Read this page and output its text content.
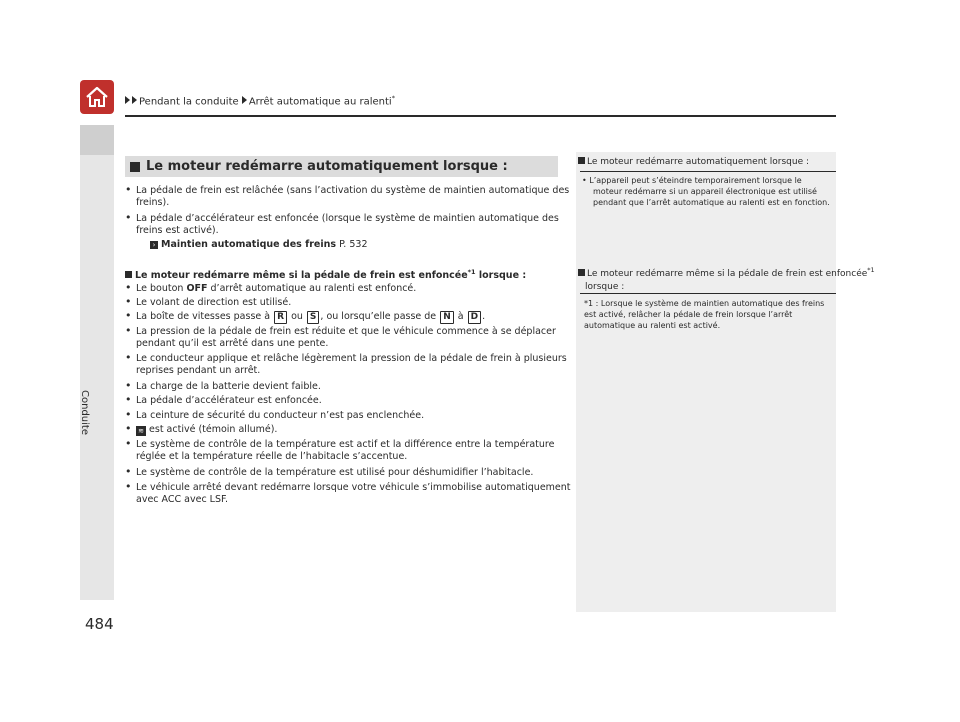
Conduite
484
Pendant la conduite Arrêt automatique au ralenti*
Le moteur redémarre automatiquement lorsque :
• La pédale de frein est relâchée (sans l’activation du système de maintien automatique des
freins).
• La pédale d’accélérateur est enfoncée (lorsque le système de maintien automatique des
freins est activé).
› Maintien automatique des freins P. 532
Le moteur redémarre même si la pédale de frein est enfoncée$^{*1}$ lorsque :
• Le bouton OFF d’arrêt automatique au ralenti est enfoncé.
• Le volant de direction est utilisé.
• La boîte de vitesses passe à R ou S , ou lorsqu’elle passe de N à D .
• La pression de la pédale de frein est réduite et que le véhicule commence à se déplacer
pendant qu’il est arrêté dans une pente.
• Le conducteur applique et relâche légèrement la pression de la pédale de frein à plusieurs
reprises pendant un arrêt.
• La charge de la batterie devient faible.
• La pédale d’accélérateur est enfoncée.
• La ceinture de sécurité du conducteur n’est pas enclenchée.
• ≋ est activé (témoin allumé).
• Le système de contrôle de la température est actif et la différence entre la température
réglée et la température réelle de l’habitacle s’accentue.
• Le système de contrôle de la température est utilisé pour déshumidifier l’habitacle.
• Le véhicule arrêté devant redémarre lorsque votre véhicule s’immobilise automatiquement
avec ACC avec LSF.
Le moteur redémarre automatiquement lorsque :
• L’appareil peut s’éteindre temporairement lorsque le
moteur redémarre si un appareil électronique est utilisé
pendant que l’arrêt automatique au ralenti est en fonction.
Le moteur redémarre même si la pédale de frein est enfoncée$^{*1}$
lorsque :
*1 : Lorsque le système de maintien automatique des freins
est activé, relâcher la pédale de frein lorsque l’arrêt
automatique au ralenti est activé.
